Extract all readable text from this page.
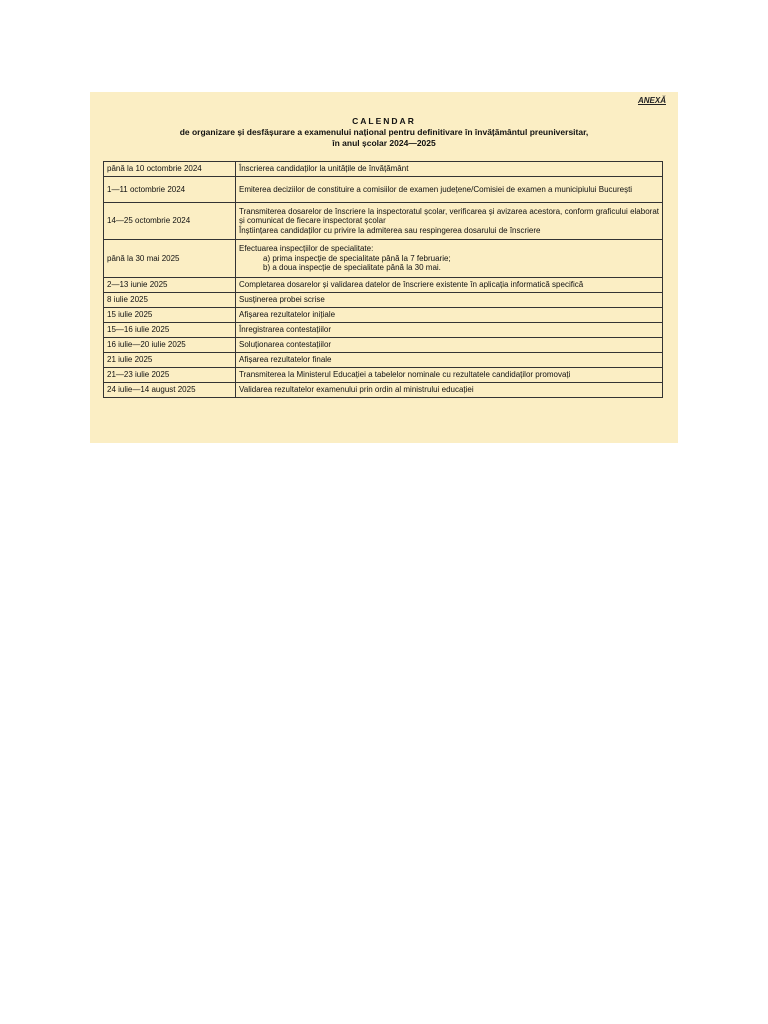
ANEXĂ
CALENDAR
de organizare și desfășurare a examenului național pentru definitivare în învățământul preuniversitar,
în anul școlar 2024—2025
până la 10 octombrie 2024	Înscrierea candidaților la unitățile de învățământ

1—11 octombrie 2024	Emiterea deciziilor de constituire a comisiilor de examen județene/Comisiei de examen a municipiului București

14—25 octombrie 2024	Transmiterea dosarelor de înscriere la inspectoratul școlar, verificarea și avizarea acestora, conform graficului elaborat și comunicat de fiecare inspectorat școlar
Înștiințarea candidaților cu privire la admiterea sau respingerea dosarului de înscriere

până la 30 mai 2025	Efectuarea inspecțiilor de specialitate:
a) prima inspecție de specialitate până la 7 februarie;
b) a doua inspecție de specialitate până la 30 mai.

2—13 iunie 2025	Completarea dosarelor și validarea datelor de înscriere existente în aplicația informatică specifică

8 iulie 2025	Susținerea probei scrise

15 iulie 2025	Afișarea rezultatelor inițiale

15—16 iulie 2025	Înregistrarea contestațiilor

16 iulie—20 iulie 2025	Soluționarea contestațiilor

21 iulie 2025	Afișarea rezultatelor finale

21—23 iulie 2025	Transmiterea la Ministerul Educației a tabelelor nominale cu rezultatele candidaților promovați

24 iulie—14 august 2025	Validarea rezultatelor examenului prin ordin al ministrului educației
